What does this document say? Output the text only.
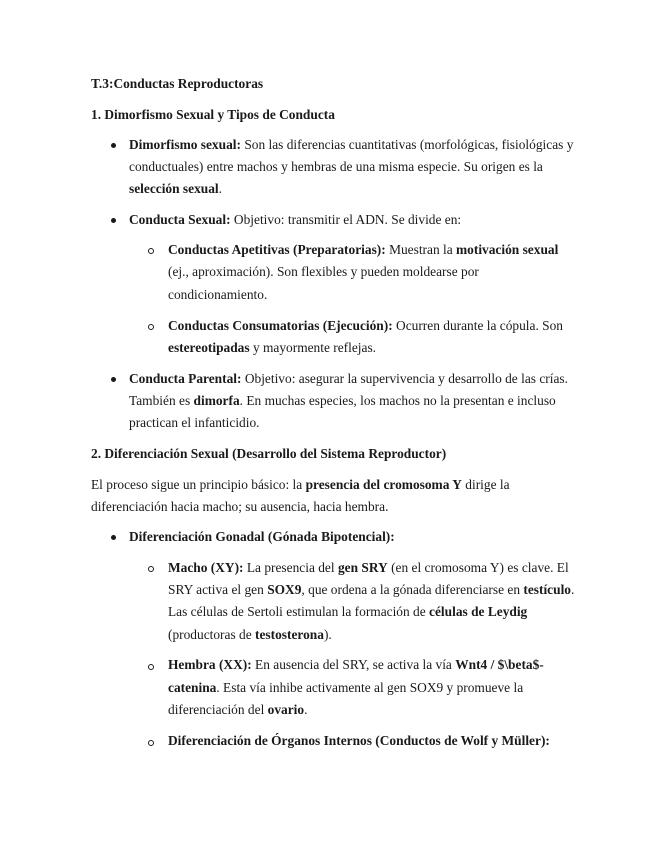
T.3:Conductas Reproductoras
1. Dimorfismo Sexual y Tipos de Conducta
Dimorfismo sexual: Son las diferencias cuantitativas (morfológicas, fisiológicas y
conductuales) entre machos y hembras de una misma especie. Su origen es la
selección sexual.
Conducta Sexual: Objetivo: transmitir el ADN. Se divide en:
Conductas Apetitivas (Preparatorias): Muestran la motivación sexual
(ej., aproximación). Son flexibles y pueden moldearse por
condicionamiento.
Conductas Consumatorias (Ejecución): Ocurren durante la cópula. Son
estereotipadas y mayormente reflejas.
Conducta Parental: Objetivo: asegurar la supervivencia y desarrollo de las crías.
También es dimorfa. En muchas especies, los machos no la presentan e incluso
practican el infanticidio.
2. Diferenciación Sexual (Desarrollo del Sistema Reproductor)
El proceso sigue un principio básico: la presencia del cromosoma Y dirige la
diferenciación hacia macho; su ausencia, hacia hembra.
Diferenciación Gonadal (Gónada Bipotencial):
Macho (XY): La presencia del gen SRY (en el cromosoma Y) es clave. El
SRY activa el gen SOX9, que ordena a la gónada diferenciarse en testículo.
Las células de Sertoli estimulan la formación de células de Leydig
(productoras de testosterona).
Hembra (XX): En ausencia del SRY, se activa la vía Wnt4 / $\beta$-
catenina. Esta vía inhibe activamente al gen SOX9 y promueve la
diferenciación del ovario.
Diferenciación de Órganos Internos (Conductos de Wolf y Müller):
